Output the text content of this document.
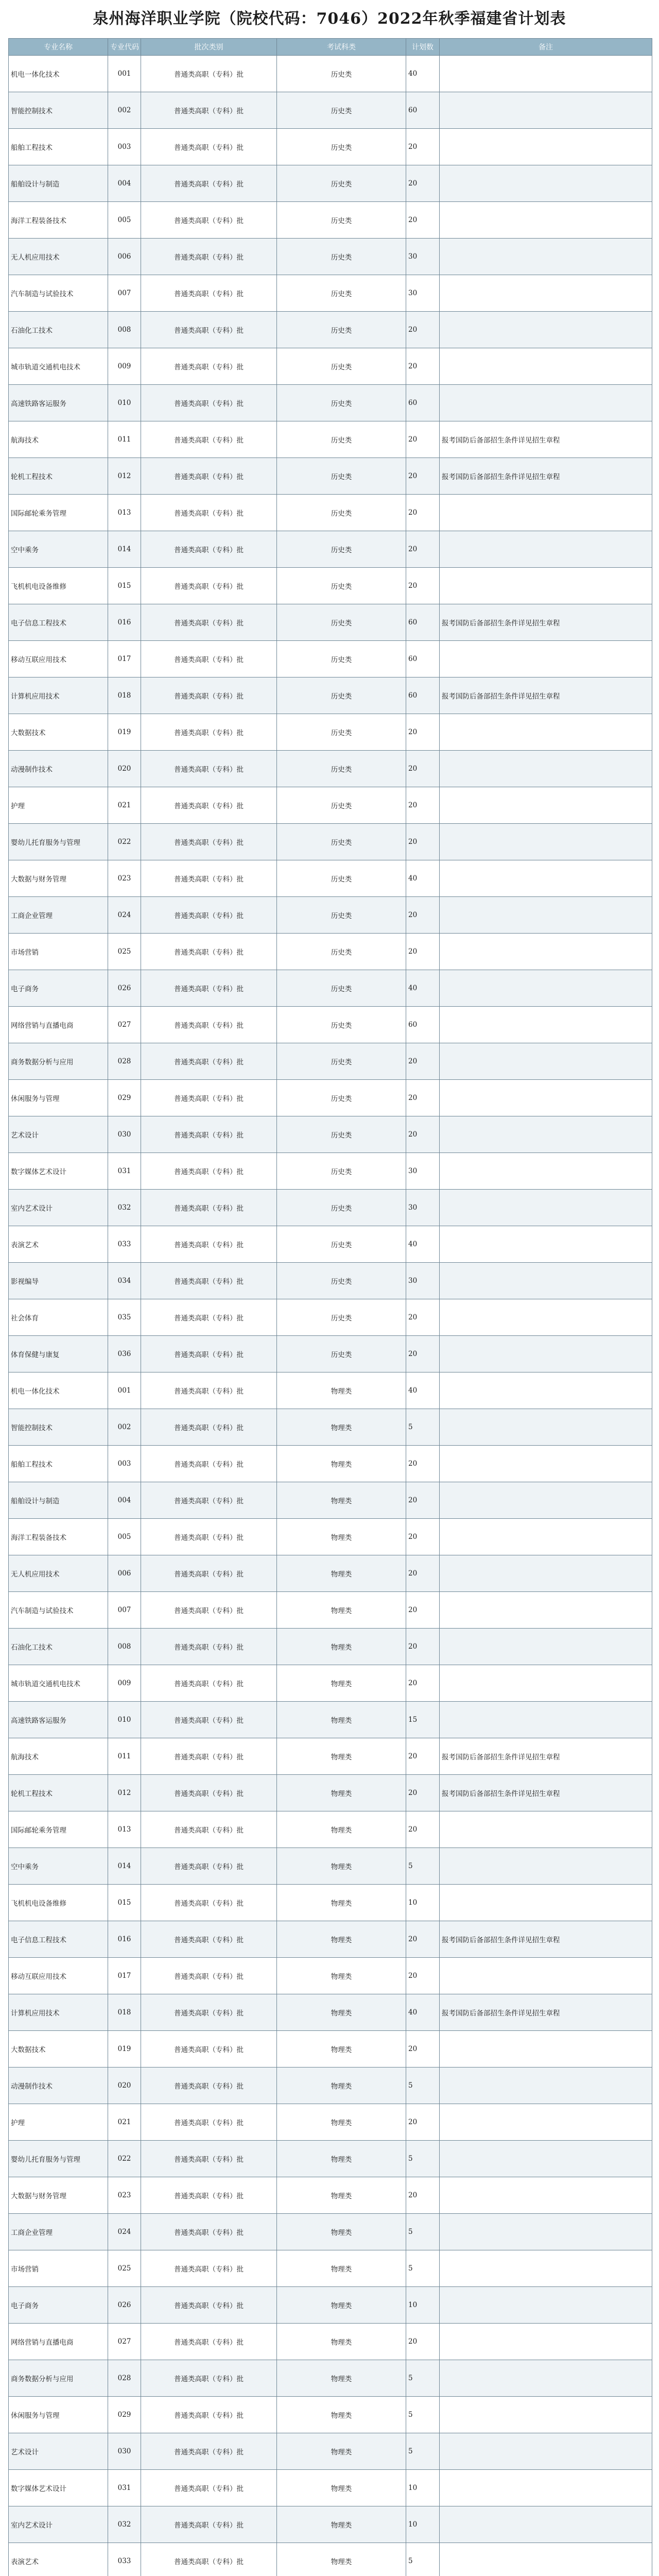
泉州海洋职业学院（院校代码：7046）2022年秋季福建省计划表
专业名称	专业代码	批次类别	考试科类	计划数	备注
机电一体化技术	001	普通类高职（专科）批	历史类	40	
智能控制技术	002	普通类高职（专科）批	历史类	60	
船舶工程技术	003	普通类高职（专科）批	历史类	20	
船舶设计与制造	004	普通类高职（专科）批	历史类	20	
海洋工程装备技术	005	普通类高职（专科）批	历史类	20	
无人机应用技术	006	普通类高职（专科）批	历史类	30	
汽车制造与试验技术	007	普通类高职（专科）批	历史类	30	
石油化工技术	008	普通类高职（专科）批	历史类	20	
城市轨道交通机电技术	009	普通类高职（专科）批	历史类	20	
高速铁路客运服务	010	普通类高职（专科）批	历史类	60	
航海技术	011	普通类高职（专科）批	历史类	20	报考国防后备部招生条件详见招生章程
轮机工程技术	012	普通类高职（专科）批	历史类	20	报考国防后备部招生条件详见招生章程
国际邮轮乘务管理	013	普通类高职（专科）批	历史类	20	
空中乘务	014	普通类高职（专科）批	历史类	20	
飞机机电设备维修	015	普通类高职（专科）批	历史类	20	
电子信息工程技术	016	普通类高职（专科）批	历史类	60	报考国防后备部招生条件详见招生章程
移动互联应用技术	017	普通类高职（专科）批	历史类	60	
计算机应用技术	018	普通类高职（专科）批	历史类	60	报考国防后备部招生条件详见招生章程
大数据技术	019	普通类高职（专科）批	历史类	20	
动漫制作技术	020	普通类高职（专科）批	历史类	20	
护理	021	普通类高职（专科）批	历史类	20	
婴幼儿托育服务与管理	022	普通类高职（专科）批	历史类	20	
大数据与财务管理	023	普通类高职（专科）批	历史类	40	
工商企业管理	024	普通类高职（专科）批	历史类	20	
市场营销	025	普通类高职（专科）批	历史类	20	
电子商务	026	普通类高职（专科）批	历史类	40	
网络营销与直播电商	027	普通类高职（专科）批	历史类	60	
商务数据分析与应用	028	普通类高职（专科）批	历史类	20	
休闲服务与管理	029	普通类高职（专科）批	历史类	20	
艺术设计	030	普通类高职（专科）批	历史类	20	
数字媒体艺术设计	031	普通类高职（专科）批	历史类	30	
室内艺术设计	032	普通类高职（专科）批	历史类	30	
表演艺术	033	普通类高职（专科）批	历史类	40	
影视编导	034	普通类高职（专科）批	历史类	30	
社会体育	035	普通类高职（专科）批	历史类	20	
体育保健与康复	036	普通类高职（专科）批	历史类	20	
机电一体化技术	001	普通类高职（专科）批	物理类	40	
智能控制技术	002	普通类高职（专科）批	物理类	5	
船舶工程技术	003	普通类高职（专科）批	物理类	20	
船舶设计与制造	004	普通类高职（专科）批	物理类	20	
海洋工程装备技术	005	普通类高职（专科）批	物理类	20	
无人机应用技术	006	普通类高职（专科）批	物理类	20	
汽车制造与试验技术	007	普通类高职（专科）批	物理类	20	
石油化工技术	008	普通类高职（专科）批	物理类	20	
城市轨道交通机电技术	009	普通类高职（专科）批	物理类	20	
高速铁路客运服务	010	普通类高职（专科）批	物理类	15	
航海技术	011	普通类高职（专科）批	物理类	20	报考国防后备部招生条件详见招生章程
轮机工程技术	012	普通类高职（专科）批	物理类	20	报考国防后备部招生条件详见招生章程
国际邮轮乘务管理	013	普通类高职（专科）批	物理类	20	
空中乘务	014	普通类高职（专科）批	物理类	5	
飞机机电设备维修	015	普通类高职（专科）批	物理类	10	
电子信息工程技术	016	普通类高职（专科）批	物理类	20	报考国防后备部招生条件详见招生章程
移动互联应用技术	017	普通类高职（专科）批	物理类	20	
计算机应用技术	018	普通类高职（专科）批	物理类	40	报考国防后备部招生条件详见招生章程
大数据技术	019	普通类高职（专科）批	物理类	20	
动漫制作技术	020	普通类高职（专科）批	物理类	5	
护理	021	普通类高职（专科）批	物理类	20	
婴幼儿托育服务与管理	022	普通类高职（专科）批	物理类	5	
大数据与财务管理	023	普通类高职（专科）批	物理类	20	
工商企业管理	024	普通类高职（专科）批	物理类	5	
市场营销	025	普通类高职（专科）批	物理类	5	
电子商务	026	普通类高职（专科）批	物理类	10	
网络营销与直播电商	027	普通类高职（专科）批	物理类	20	
商务数据分析与应用	028	普通类高职（专科）批	物理类	5	
休闲服务与管理	029	普通类高职（专科）批	物理类	5	
艺术设计	030	普通类高职（专科）批	物理类	5	
数字媒体艺术设计	031	普通类高职（专科）批	物理类	10	
室内艺术设计	032	普通类高职（专科）批	物理类	10	
表演艺术	033	普通类高职（专科）批	物理类	5	
